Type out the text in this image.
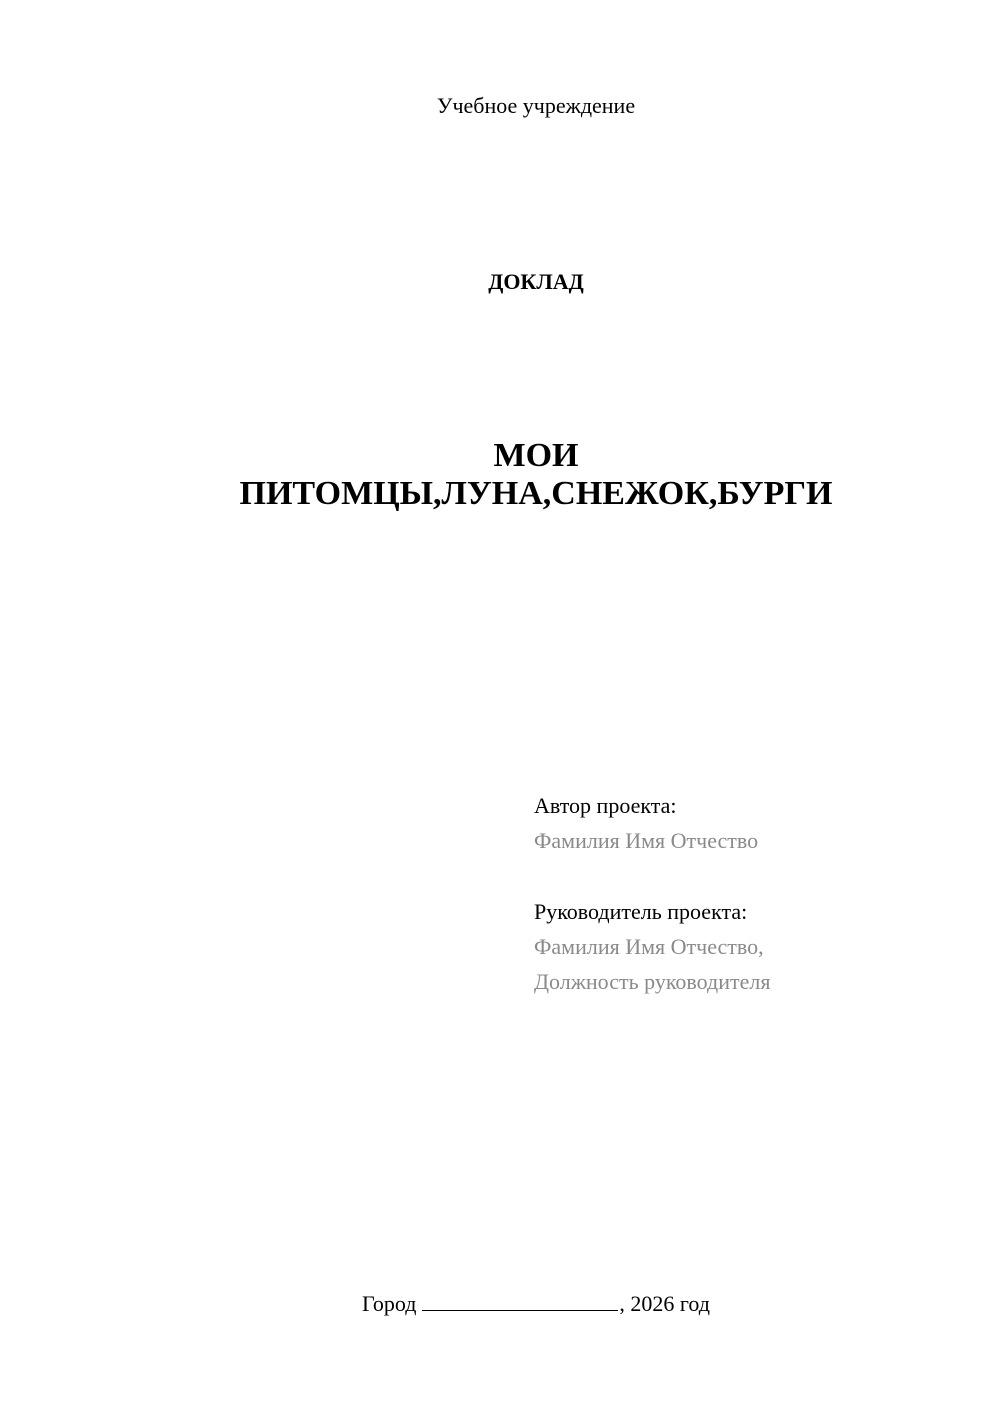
Учебное учреждение
ДОКЛАД
МОИ
ПИТОМЦЫ,ЛУНА,СНЕЖОК,БУРГИ
Автор проекта:
Фамилия Имя Отчество
Руководитель проекта:
Фамилия Имя Отчество,
Должность руководителя
Город	, 2026 год
